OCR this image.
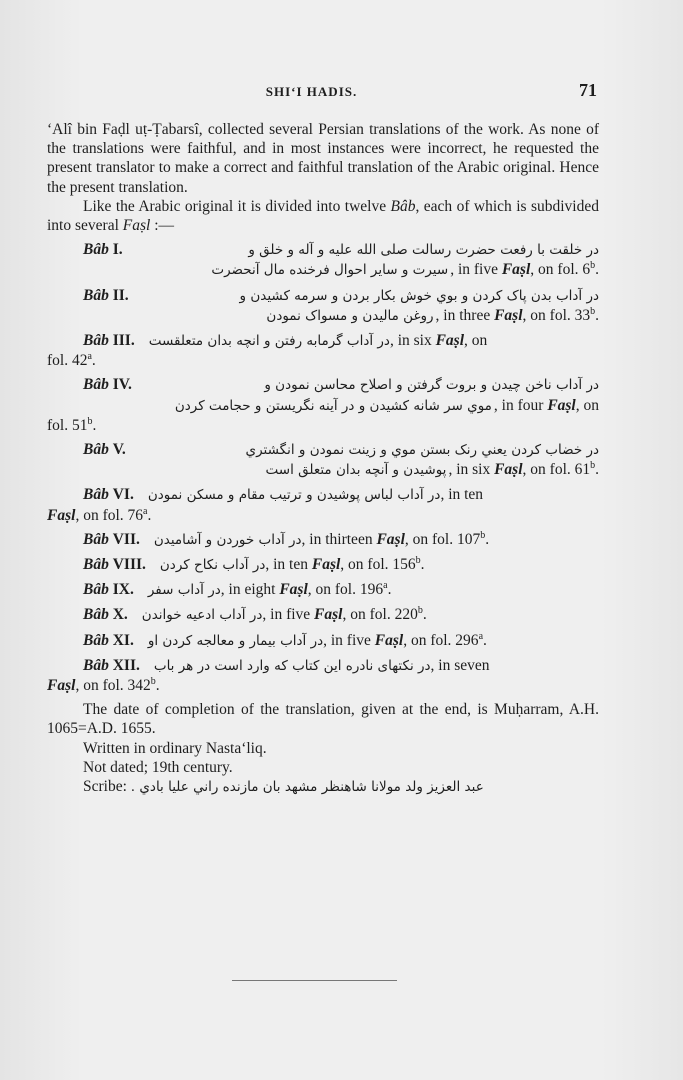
SHI‘I HADIS.	71

‘Alî bin Faḍl uṭ-Ṭabarsî, collected several Persian translations of the work. As none of the translations were faithful, and in most instances were incorrect, he requested the present translator to make a correct and faithful translation of the Arabic original. Hence the present translation.

Like the Arabic original it is divided into twelve Bâb, each of which is subdivided into several Faṣl :—

Bâb I.	در خلقت با رفعت حضرت رسالت صلی الله علیه و آله و خلق و
سیرت و سایر احوال فرخنده مال آنحضرت , in five Faṣl, on fol. 6$^b$.
Bâb II.	در آداب بدن پاک کردن و بوي خوش بکار بردن و سرمه کشیدن و
روغن مالیدن و مسواک نمودن , in three Faṣl, on fol. 33$^b$.
Bâb III. در آداب گرمابه رفتن و انچه بدان متعلقست , in six Faṣl, on
fol. 42$^a$.
Bâb IV.	در آداب ناخن چیدن و بروت گرفتن و اصلاح محاسن نمودن و
موي سر شانه کشیدن و در آینه نگریستن و حجامت کردن , in four Faṣl, on
fol. 51$^b$.
Bâb V.	در خضاب کردن یعني رنک بستن موي و زینت نمودن و انگشتري
پوشیدن و آنچه بدان متعلق است , in six Faṣl, on fol. 61$^b$.
Bâb VI. در آداب لباس پوشیدن و ترتیب مقام و مسکن نمودن , in ten
Faṣl, on fol. 76$^a$.
Bâb VII. در آداب خوردن و آشامیدن , in thirteen Faṣl, on fol. 107$^b$.
Bâb VIII. در آداب نکاح کردن , in ten Faṣl, on fol. 156$^b$.
Bâb IX. در آداب سفر , in eight Faṣl, on fol. 196$^a$.
Bâb X. در آداب ادعیه خواندن , in five Faṣl, on fol. 220$^b$.
Bâb XI. در آداب بیمار و معالجه کردن او , in five Faṣl, on fol. 296$^a$.
Bâb XII. در نکتهای نادره این کتاب که وارد است در هر باب , in seven
Faṣl, on fol. 342$^b$.

The date of completion of the translation, given at the end, is Muḥarram, A.H. 1065=A.D. 1655.

Written in ordinary Nasta‘liq.

Not dated; 19th century.

Scribe: عبد العزیز ولد مولانا شاهنظر مشهد بان مازنده راني علیا بادي .
